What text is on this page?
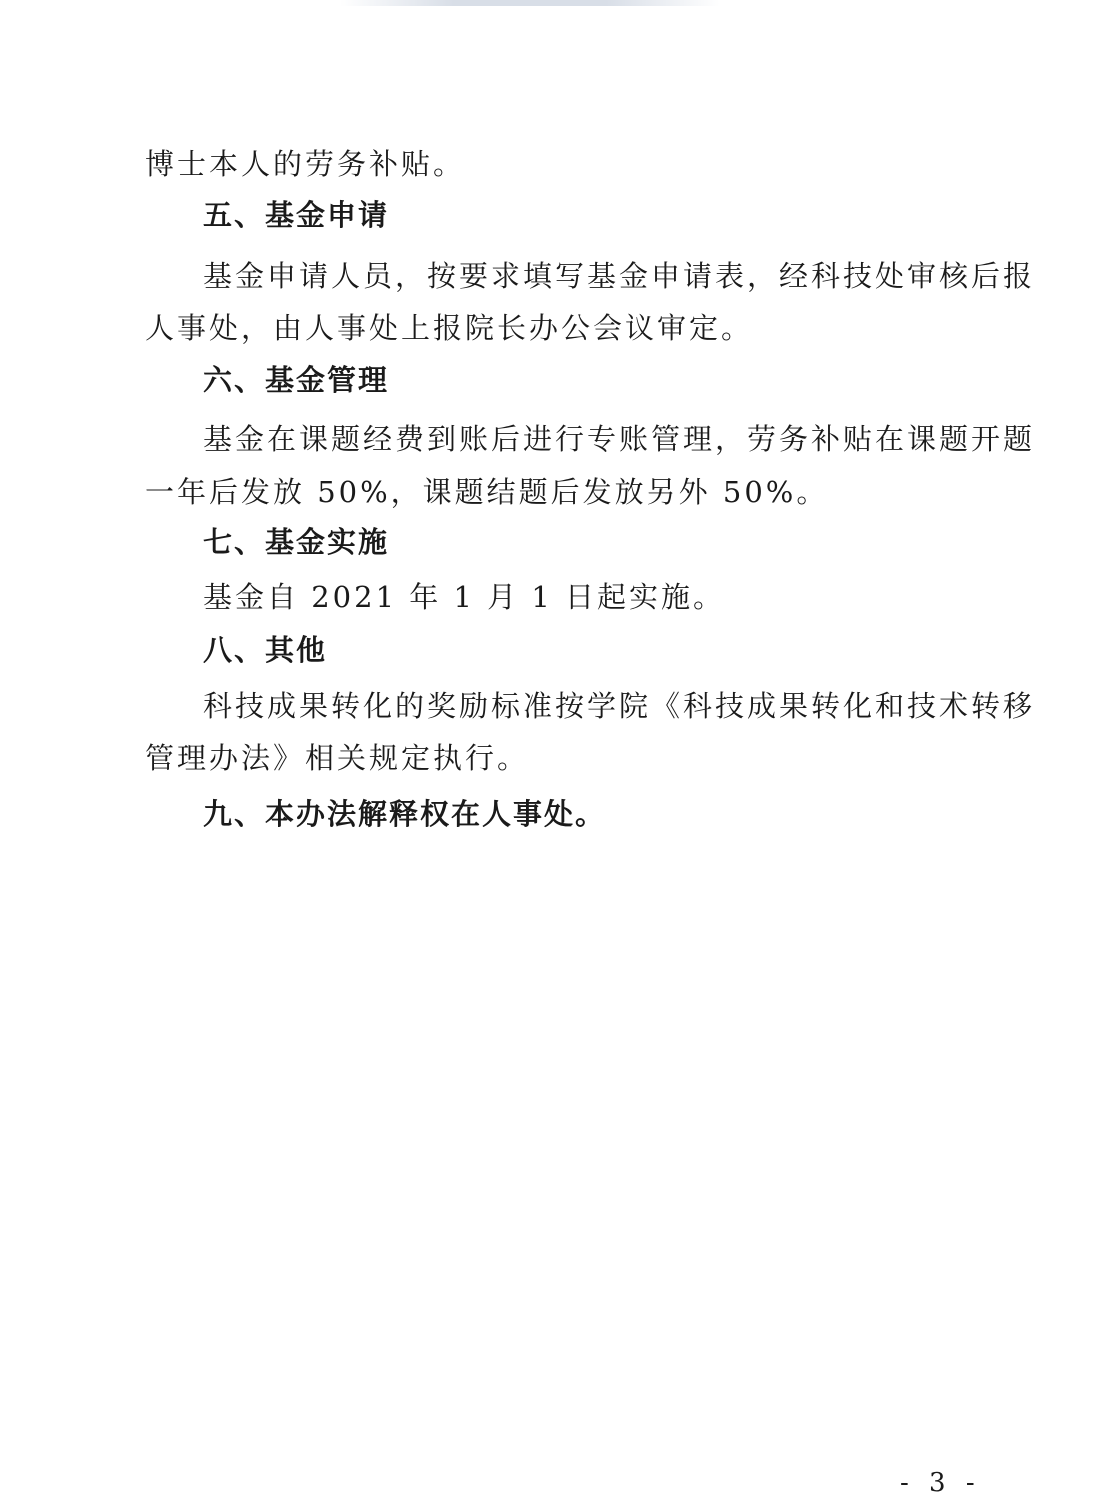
博士本人的劳务补贴。
五、基金申请
基金申请人员，按要求填写基金申请表，经科技处审核后报
人事处，由人事处上报院长办公会议审定。
六、基金管理
基金在课题经费到账后进行专账管理，劳务补贴在课题开题
一年后发放 50%，课题结题后发放另外 50%。
七、基金实施
基金自 2021 年 1 月 1 日起实施。
八、其他
科技成果转化的奖励标准按学院《科技成果转化和技术转移
管理办法》相关规定执行。
九、本办法解释权在人事处。
- 3 -
